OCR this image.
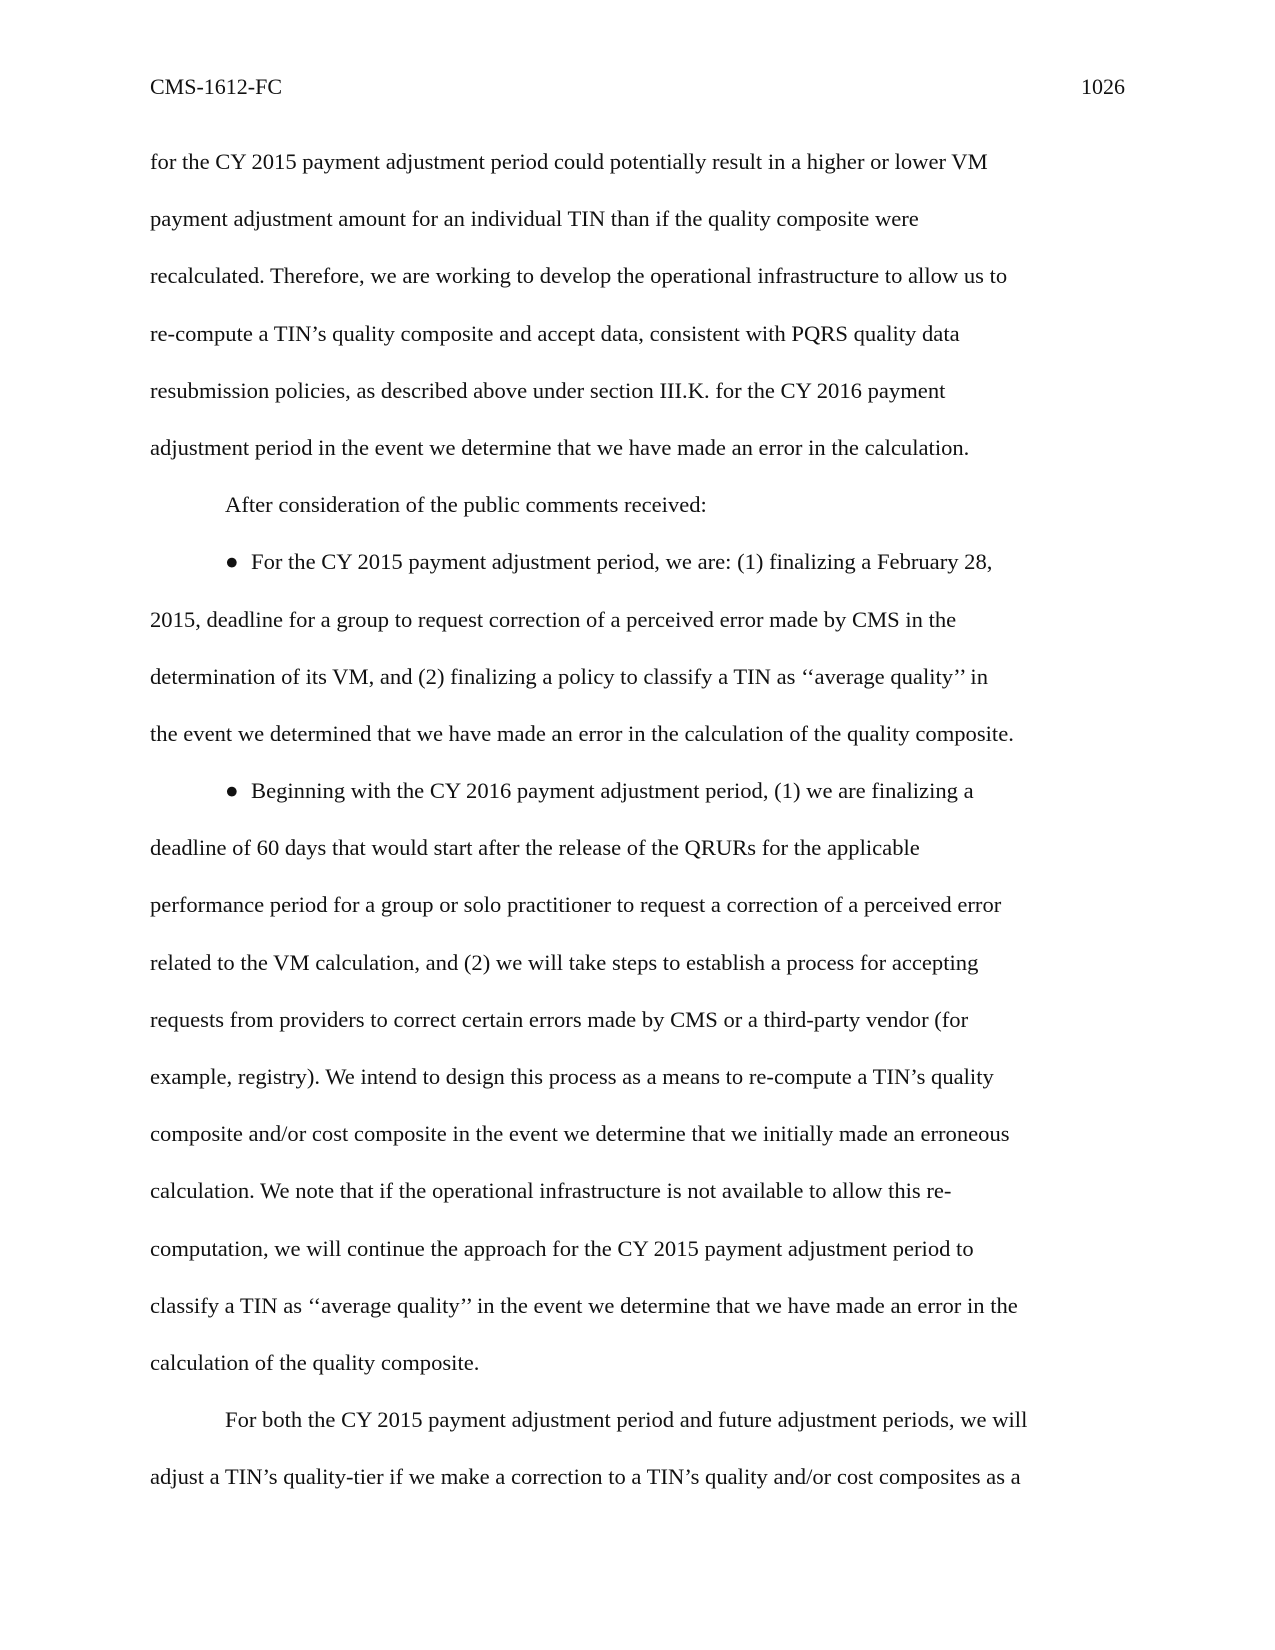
CMS-1612-FC	1026
for the CY 2015 payment adjustment period could potentially result in a higher or lower VM
payment adjustment amount for an individual TIN than if the quality composite were
recalculated. Therefore, we are working to develop the operational infrastructure to allow us to
re-compute a TIN’s quality composite and accept data, consistent with PQRS quality data
resubmission policies, as described above under section III.K. for the CY 2016 payment
adjustment period in the event we determine that we have made an error in the calculation.
After consideration of the public comments received:
● For the CY 2015 payment adjustment period, we are: (1) finalizing a February 28,
2015, deadline for a group to request correction of a perceived error made by CMS in the
determination of its VM, and (2) finalizing a policy to classify a TIN as ‘‘average quality’’ in
the event we determined that we have made an error in the calculation of the quality composite.
● Beginning with the CY 2016 payment adjustment period, (1) we are finalizing a
deadline of 60 days that would start after the release of the QRURs for the applicable
performance period for a group or solo practitioner to request a correction of a perceived error
related to the VM calculation, and (2) we will take steps to establish a process for accepting
requests from providers to correct certain errors made by CMS or a third-party vendor (for
example, registry). We intend to design this process as a means to re-compute a TIN’s quality
composite and/or cost composite in the event we determine that we initially made an erroneous
calculation. We note that if the operational infrastructure is not available to allow this re-
computation, we will continue the approach for the CY 2015 payment adjustment period to
classify a TIN as ‘‘average quality’’ in the event we determine that we have made an error in the
calculation of the quality composite.
For both the CY 2015 payment adjustment period and future adjustment periods, we will
adjust a TIN’s quality-tier if we make a correction to a TIN’s quality and/or cost composites as a
